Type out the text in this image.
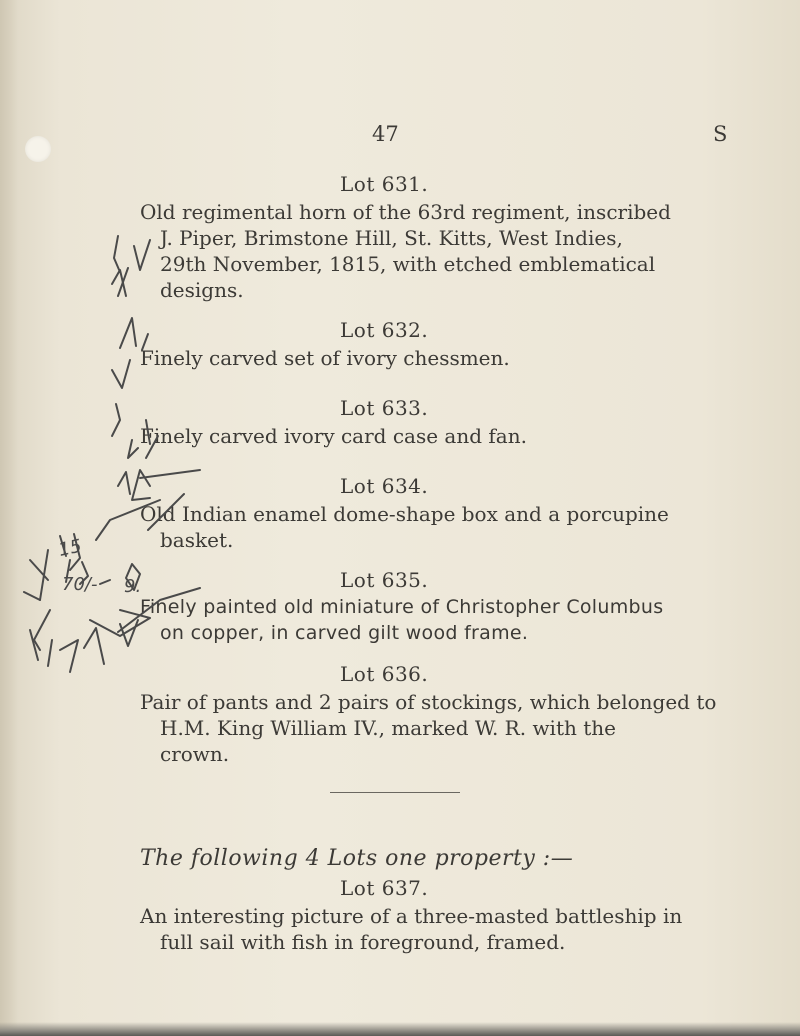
47	S
Lot 631.
Old regimental horn of the 63rd regiment, inscribed
J. Piper, Brimstone Hill, St. Kitts, West Indies,
29th November, 1815, with etched emblematical
designs.
Lot 632.
Finely carved set of ivory chessmen.
Lot 633.
Finely carved ivory card case and fan.
Lot 634.
Old Indian enamel dome-shape box and a porcupine
basket.
Lot 635.
Finely painted old miniature of Christopher Columbus
on copper, in carved gilt wood frame.
Lot 636.
Pair of pants and 2 pairs of stockings, which belonged to
H.M. King William IV., marked W. R. with the
crown.
The following 4 Lots one property :—
Lot 637.
An interesting picture of a three-masted battleship in
full sail with fish in foreground, framed.
15
70/- 9.
